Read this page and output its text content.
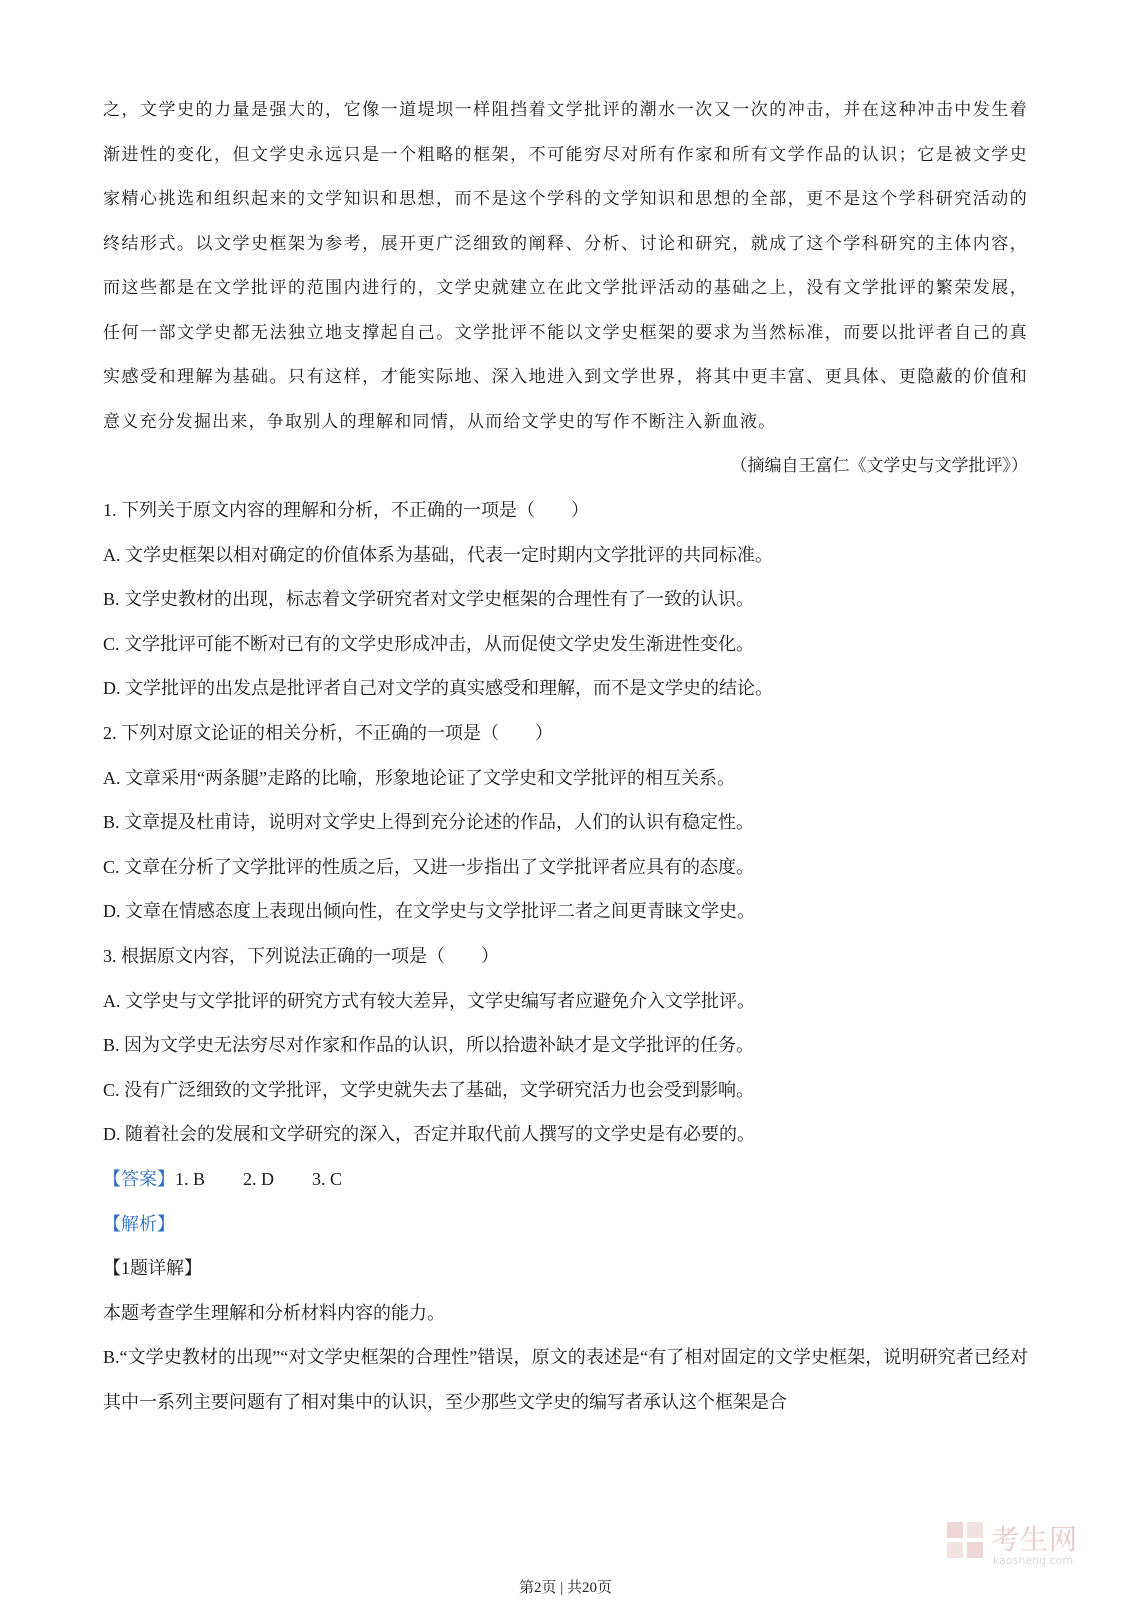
之，文学史的力量是强大的，它像一道堤坝一样阻挡着文学批评的潮水一次又一次的冲击，并在这种冲击中发生着渐进性的变化，但文学史永远只是一个粗略的框架，不可能穷尽对所有作家和所有文学作品的认识；它是被文学史家精心挑选和组织起来的文学知识和思想，而不是这个学科的文学知识和思想的全部，更不是这个学科研究活动的终结形式。以文学史框架为参考，展开更广泛细致的阐释、分析、讨论和研究，就成了这个学科研究的主体内容，而这些都是在文学批评的范围内进行的，文学史就建立在此文学批评活动的基础之上，没有文学批评的繁荣发展，任何一部文学史都无法独立地支撑起自己。文学批评不能以文学史框架的要求为当然标准，而要以批评者自己的真实感受和理解为基础。只有这样，才能实际地、深入地进入到文学世界，将其中更丰富、更具体、更隐蔽的价值和意义充分发掘出来，争取别人的理解和同情，从而给文学史的写作不断注入新血液。

（摘编自王富仁《文学史与文学批评》）
1. 下列关于原文内容的理解和分析，不正确的一项是（　　）
A. 文学史框架以相对确定的价值体系为基础，代表一定时期内文学批评的共同标准。
B. 文学史教材的出现，标志着文学研究者对文学史框架的合理性有了一致的认识。
C. 文学批评可能不断对已有的文学史形成冲击，从而促使文学史发生渐进性变化。
D. 文学批评的出发点是批评者自己对文学的真实感受和理解，而不是文学史的结论。
2. 下列对原文论证的相关分析，不正确的一项是（　　）
A. 文章采用“两条腿”走路的比喻，形象地论证了文学史和文学批评的相互关系。
B. 文章提及杜甫诗，说明对文学史上得到充分论述的作品，人们的认识有稳定性。
C. 文章在分析了文学批评的性质之后，又进一步指出了文学批评者应具有的态度。
D. 文章在情感态度上表现出倾向性，在文学史与文学批评二者之间更青睐文学史。
3. 根据原文内容，下列说法正确的一项是（　　）
A. 文学史与文学批评的研究方式有较大差异，文学史编写者应避免介入文学批评。
B. 因为文学史无法穷尽对作家和作品的认识，所以拾遗补缺才是文学批评的任务。
C. 没有广泛细致的文学批评，文学史就失去了基础，文学研究活力也会受到影响。
D. 随着社会的发展和文学研究的深入，否定并取代前人撰写的文学史是有必要的。
【答案】1. B 2. D 3. C
【解析】
【1题详解】
本题考查学生理解和分析材料内容的能力。
B.“文学史教材的出现”“对文学史框架的合理性”错误，原文的表述是“有了相对固定的文学史框架，说明研究者已经对其中一系列主要问题有了相对集中的认识，至少那些文学史的编写者承认这个框架是合
考生网
kaosheng.com
第2页 | 共20页
